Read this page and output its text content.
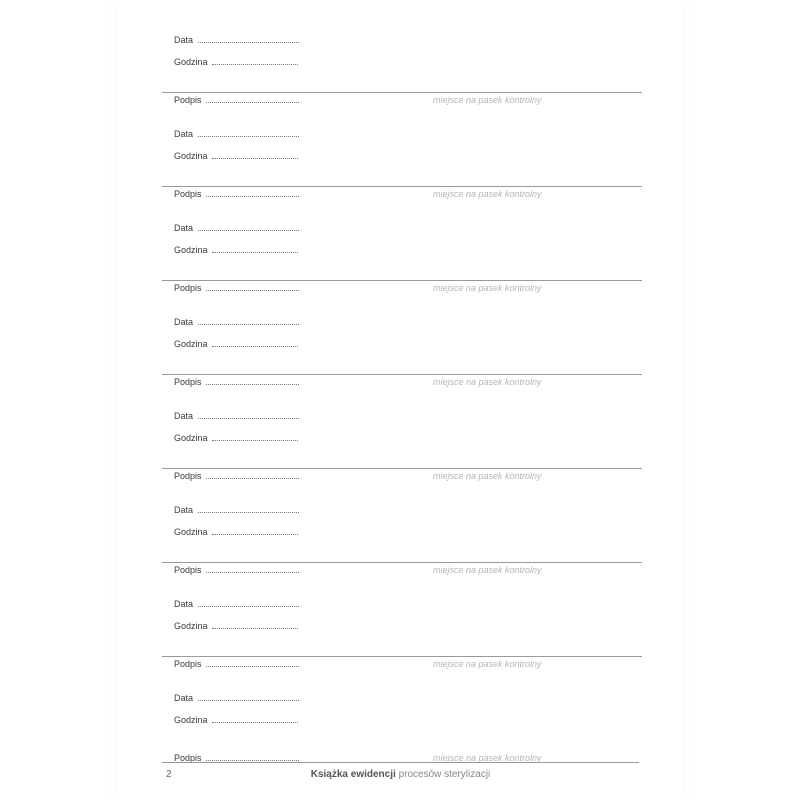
Data
Godzina
Podpis	miejsce na pasek kontrolny
Data
Godzina
Podpis	miejsce na pasek kontrolny
Data
Godzina
Podpis	miejsce na pasek kontrolny
Data
Godzina
Podpis	miejsce na pasek kontrolny
Data
Godzina
Podpis	miejsce na pasek kontrolny
Data
Godzina
Podpis	miejsce na pasek kontrolny
Data
Godzina
Podpis	miejsce na pasek kontrolny
Data
Godzina
Podpis	miejsce na pasek kontrolny
2	Książka ewidencji procesów sterylizacji
